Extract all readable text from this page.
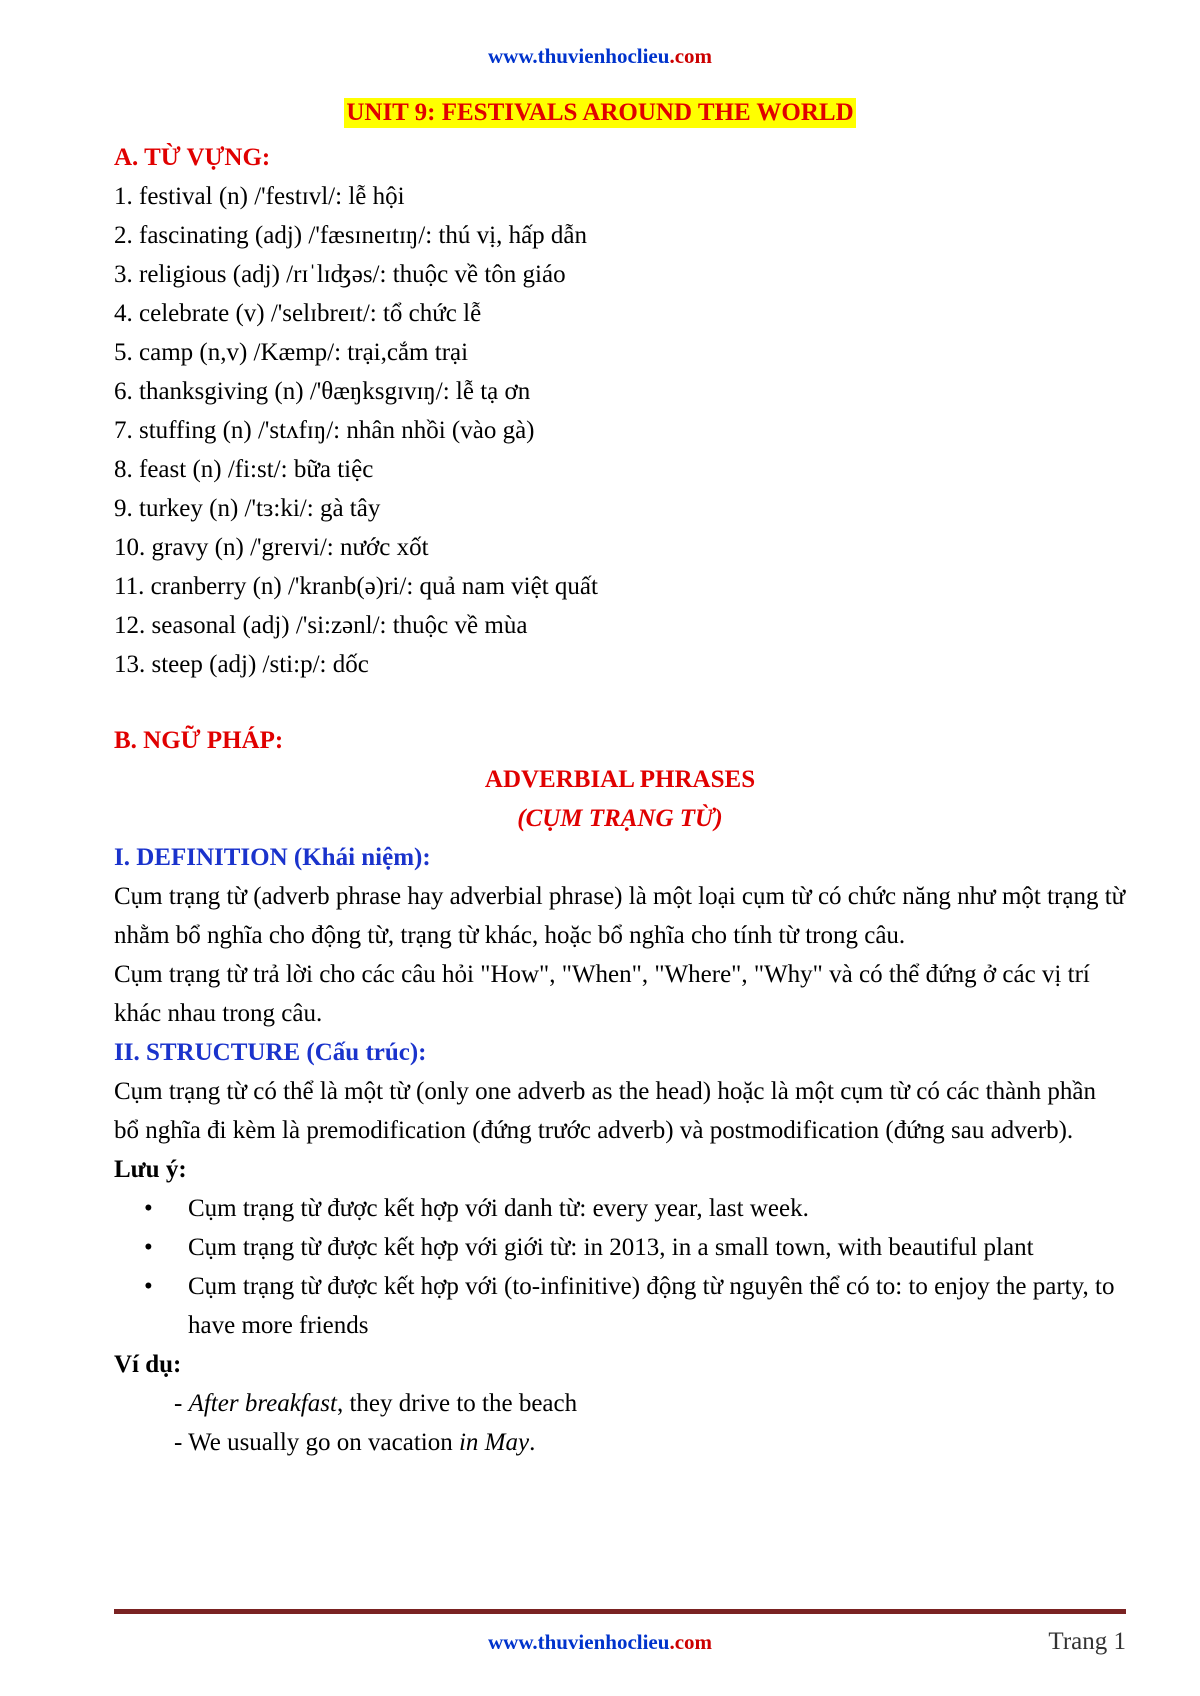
www.thuvienhoclieu.com
UNIT 9: FESTIVALS AROUND THE WORLD
A. TỪ VỰNG:
1. festival (n) /'festɪvl/: lễ hội
2. fascinating (adj) /'fæsɪneɪtɪŋ/: thú vị, hấp dẫn
3. religious (adj) /rɪˈlɪʤəs/: thuộc về tôn giáo
4. celebrate (v) /'selɪbreɪt/: tổ chức lễ
5. camp (n,v) /Kæmp/: trại,cắm trại
6. thanksgiving (n) /'θæŋksgɪvɪŋ/: lễ tạ ơn
7. stuffing (n) /'stʌfɪŋ/: nhân nhồi (vào gà)
8. feast (n) /fi:st/: bữa tiệc
9. turkey (n) /'tɜ:ki/: gà tây
10. gravy (n) /'greɪvi/: nước xốt
11. cranberry (n) /'kranb(ə)ri/: quả nam việt quất
12. seasonal (adj) /'si:zənl/: thuộc về mùa
13. steep (adj) /sti:p/: dốc
B. NGỮ PHÁP:
ADVERBIAL PHRASES
(CỤM TRẠNG TỪ)
I. DEFINITION (Khái niệm):

Cụm trạng từ (adverb phrase hay adverbial phrase) là một loại cụm từ có chức năng như một trạng từ nhằm bổ nghĩa cho động từ, trạng từ khác, hoặc bổ nghĩa cho tính từ trong câu.

Cụm trạng từ trả lời cho các câu hỏi "How", "When", "Where", "Why" và có thể đứng ở các vị trí khác nhau trong câu.

II. STRUCTURE (Cấu trúc):

Cụm trạng từ có thể là một từ (only one adverb as the head) hoặc là một cụm từ có các thành phần bổ nghĩa đi kèm là premodification (đứng trước adverb) và postmodification (đứng sau adverb).

Lưu ý:
• Cụm trạng từ được kết hợp với danh từ: every year, last week.
• Cụm trạng từ được kết hợp với giới từ: in 2013, in a small town, with beautiful plant
• Cụm trạng từ được kết hợp với (to-infinitive) động từ nguyên thể có to: to enjoy the party, to have more friends
Ví dụ:

- After breakfast, they drive to the beach

- We usually go on vacation in May.

www.thuvienhoclieu.com	Trang 1
